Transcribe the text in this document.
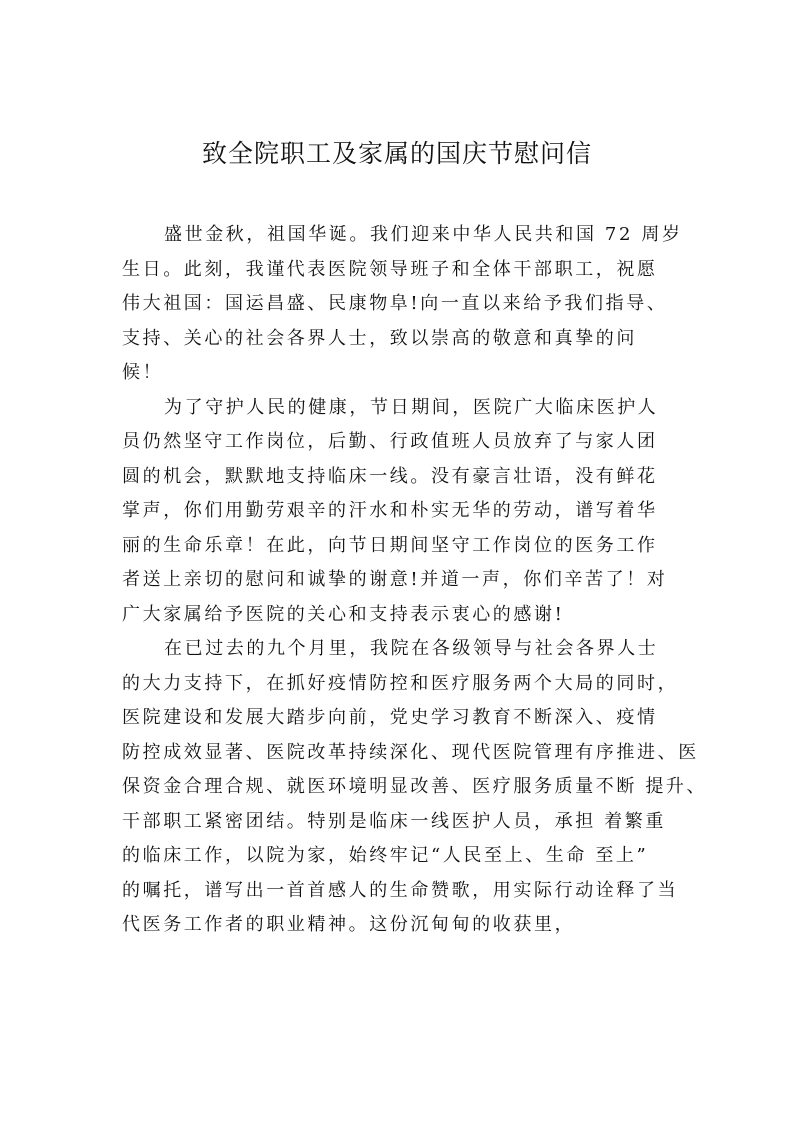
致全院职工及家属的国庆节慰问信
盛世金秋，祖国华诞。我们迎来中华人民共和国 72 周岁
生日。此刻，我谨代表医院领导班子和全体干部职工，祝愿
伟大祖国：国运昌盛、民康物阜!向一直以来给予我们指导、
支持、关心的社会各界人士，致以崇高的敬意和真挚的问
候！
为了守护人民的健康，节日期间，医院广大临床医护人
员仍然坚守工作岗位，后勤、行政值班人员放弃了与家人团
圆的机会，默默地支持临床一线。没有豪言壮语，没有鲜花
掌声，你们用勤劳艰辛的汗水和朴实无华的劳动，谱写着华
丽的生命乐章！在此，向节日期间坚守工作岗位的医务工作
者送上亲切的慰问和诚挚的谢意!并道一声，你们辛苦了！对
广大家属给予医院的关心和支持表示衷心的感谢!
在已过去的九个月里，我院在各级领导与社会各界人士
的大力支持下，在抓好疫情防控和医疗服务两个大局的同时，
医院建设和发展大踏步向前，党史学习教育不断深入、疫情
防控成效显著、医院改革持续深化、现代医院管理有序推进、医
保资金合理合规、就医环境明显改善、医疗服务质量不断 提升、
干部职工紧密团结。特别是临床一线医护人员，承担 着繁重
的临床工作，以院为家，始终牢记“人民至上、生命 至上”
的嘱托，谱写出一首首感人的生命赞歌，用实际行动诠释了当
代医务工作者的职业精神。这份沉甸甸的收获里，
